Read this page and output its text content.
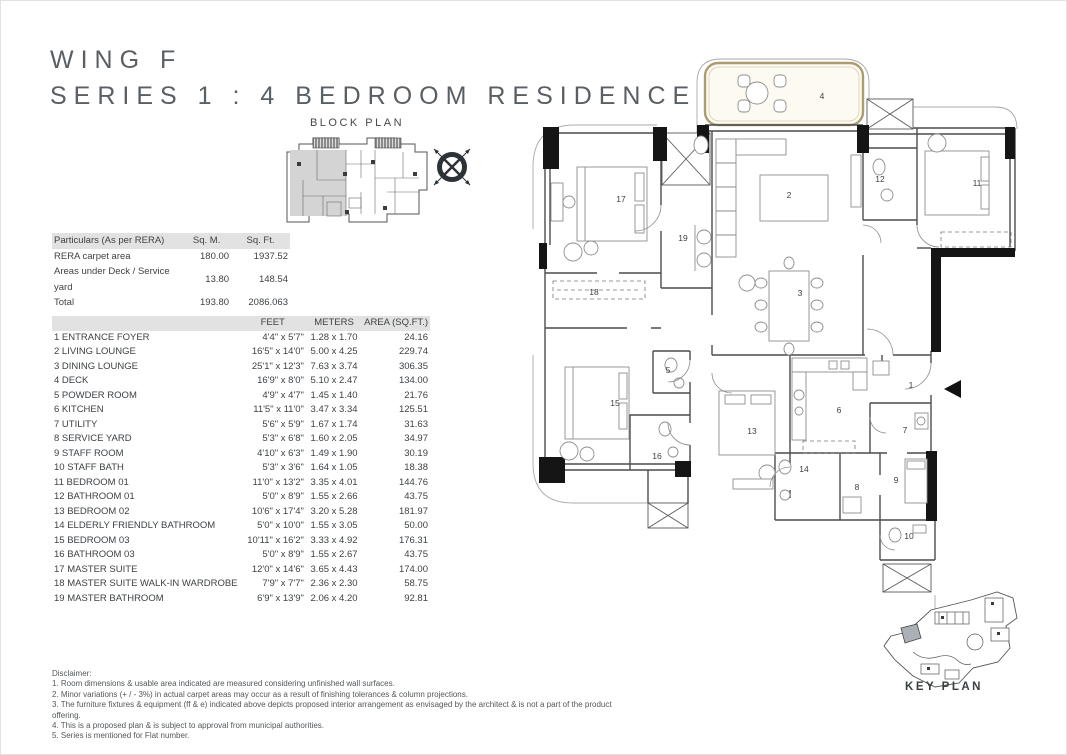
WING F
SERIES 1 : 4 BEDROOM RESIDENCE
BLOCK PLAN
Particulars (As per RERA)	Sq. M.	Sq. Ft.
RERA carpet area	180.00	1937.52
Areas under Deck / Service yard	13.80	148.54
Total	193.80	2086.063
	FEET	METERS	AREA (SQ.FT.)
1 ENTRANCE FOYER	4'4" x 5'7"	1.28 x 1.70	24.16
2 LIVING LOUNGE	16'5" x 14'0"	5.00 x 4.25	229.74
3 DINING LOUNGE	25'1" x 12'3"	7.63 x 3.74	306.35
4 DECK	16'9" x 8'0"	5.10 x 2.47	134.00
5 POWDER ROOM	4'9" x 4'7"	1.45 x 1.40	21.76
6 KITCHEN	11'5" x 11'0"	3.47 x 3.34	125.51
7 UTILITY	5'6" x 5'9"	1.67 x 1.74	31.63
8 SERVICE YARD	5'3" x 6'8"	1.60 x 2.05	34.97
9 STAFF ROOM	4'10" x 6'3"	1.49 x 1.90	30.19
10 STAFF BATH	5'3" x 3'6"	1.64 x 1.05	18.38
11 BEDROOM 01	11'0" x 13'2"	3.35 x 4.01	144.76
12 BATHROOM 01	5'0" x 8'9"	1.55 x 2.66	43.75
13 BEDROOM 02	10'6" x 17'4"	3.20 x 5.28	181.97
14 ELDERLY FRIENDLY BATHROOM	5'0" x 10'0"	1.55 x 3.05	50.00
15 BEDROOM 03	10'11" x 16'2"	3.33 x 4.92	176.31
16 BATHROOM 03	5'0" x 8'9"	1.55 x 2.67	43.75
17 MASTER SUITE	12'0" x 14'6"	3.65 x 4.43	174.00
18 MASTER SUITE WALK-IN WARDROBE	7'9" x 7'7"	2.36 x 2.30	58.75
19 MASTER BATHROOM	6'9" x 13'9"	2.06 x 4.20	92.81
1
2
3
4
5
6
7
8
9
10
11
12
13
14
15
16
17
18
19
KEY PLAN
Disclaimer:
1. Room dimensions & usable area indicated are measured considering unfinished wall surfaces.
2. Minor variations (+ / - 3%) in actual carpet areas may occur as a result of finishing tolerances & column projections.
3. The furniture fixtures & equipment (ff & e) indicated above depicts proposed interior arrangement as envisaged by the architect & is not a part of the product offering.
4. This is a proposed plan & is subject to approval from municipal authorities.
5. Series is mentioned for Flat number.
